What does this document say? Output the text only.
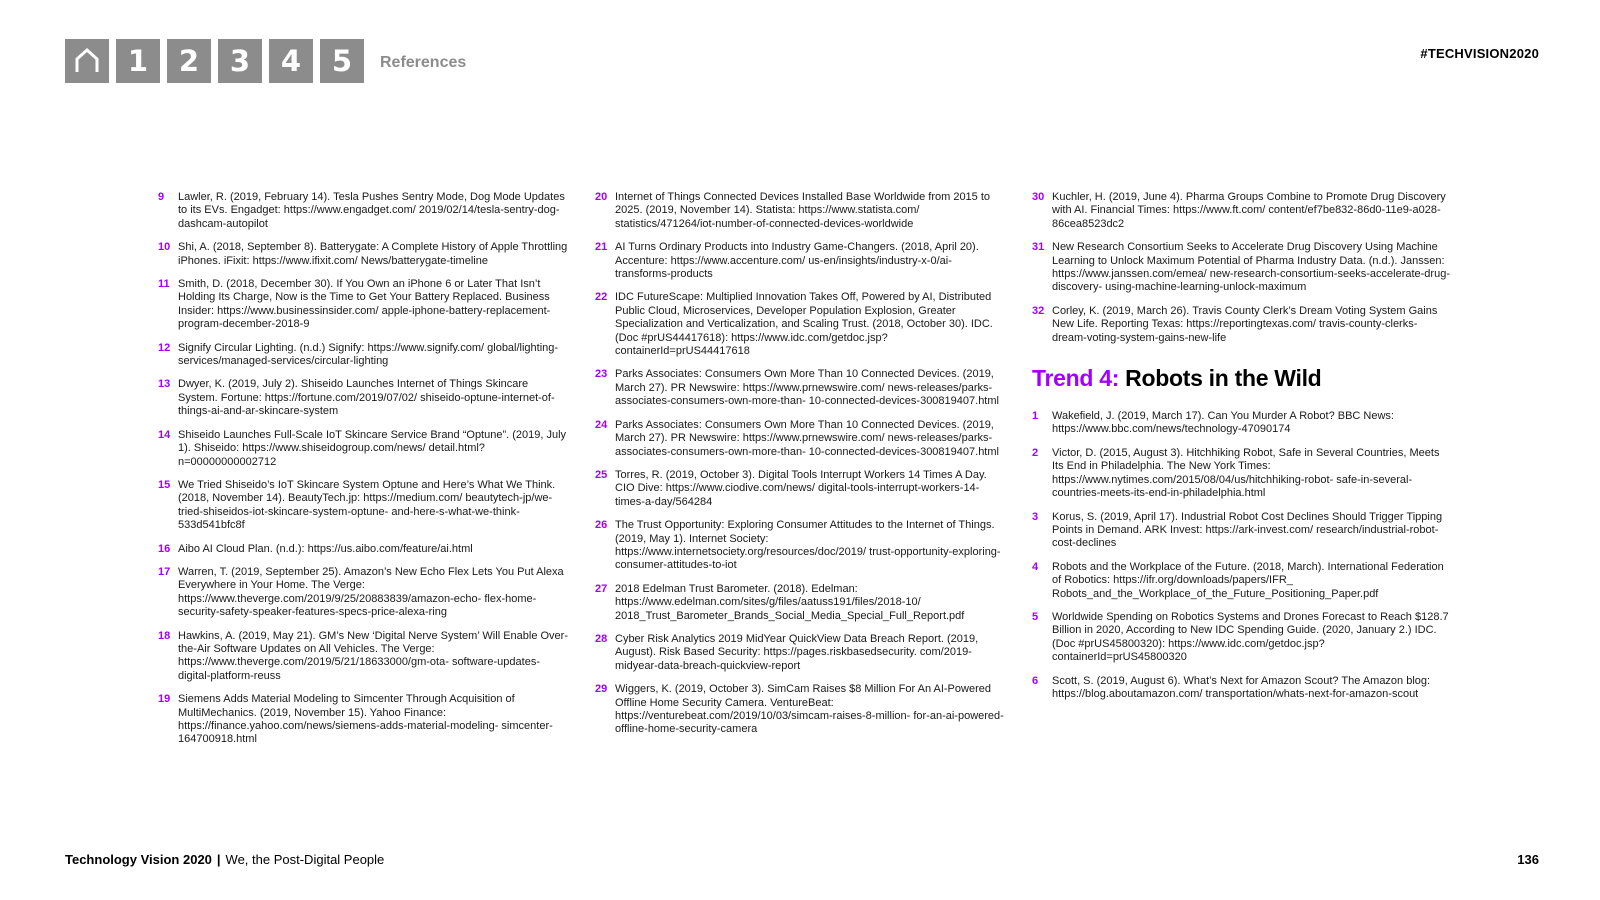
1	2	3	4	5	References
#TECHVISION2020
9	Lawler, R. (2019, February 14). Tesla Pushes Sentry Mode, Dog Mode Updates to its EVs. Engadget: https://www.engadget.com/ 2019/02/14/tesla-sentry-dog-dashcam-autopilot
10 Shi, A. (2018, September 8). Batterygate: A Complete History of Apple Throttling iPhones. iFixit: https://www.ifixit.com/ News/batterygate-timeline
11 Smith, D. (2018, December 30). If You Own an iPhone 6 or Later That Isn’t Holding Its Charge, Now is the Time to Get Your Battery Replaced. Business Insider: https://www.businessinsider.com/ apple-iphone-battery-replacement-program-december-2018-9
12 Signify Circular Lighting. (n.d.) Signify: https://www.signify.com/ global/lighting-services/managed-services/circular-lighting
13 Dwyer, K. (2019, July 2). Shiseido Launches Internet of Things Skincare System. Fortune: https://fortune.com/2019/07/02/ shiseido-optune-internet-of-things-ai-and-ar-skincare-system
14 Shiseido Launches Full-Scale IoT Skincare Service Brand “Optune”. (2019, July 1). Shiseido: https://www.shiseidogroup.com/news/ detail.html?n=00000000002712
15 We Tried Shiseido’s IoT Skincare System Optune and Here’s What We Think. (2018, November 14). BeautyTech.jp: https://medium.com/ beautytech-jp/we-tried-shiseidos-iot-skincare-system-optune- and-here-s-what-we-think-533d541bfc8f
16 Aibo AI Cloud Plan. (n.d.): https://us.aibo.com/feature/ai.html
17 Warren, T. (2019, September 25). Amazon’s New Echo Flex Lets You Put Alexa Everywhere in Your Home. The Verge: https://www.theverge.com/2019/9/25/20883839/amazon-echo- flex-home-security-safety-speaker-features-specs-price-alexa-ring
18 Hawkins, A. (2019, May 21). GM’s New ‘Digital Nerve System’ Will Enable Over-the-Air Software Updates on All Vehicles. The Verge: https://www.theverge.com/2019/5/21/18633000/gm-ota- software-updates-digital-platform-reuss
19 Siemens Adds Material Modeling to Simcenter Through Acquisition of MultiMechanics. (2019, November 15). Yahoo Finance: https://finance.yahoo.com/news/siemens-adds-material-modeling- simcenter-164700918.html
20 Internet of Things Connected Devices Installed Base Worldwide from 2015 to 2025. (2019, November 14). Statista: https://www.statista.com/ statistics/471264/iot-number-of-connected-devices-worldwide
21 AI Turns Ordinary Products into Industry Game-Changers. (2018, April 20). Accenture: https://www.accenture.com/ us-en/insights/industry-x-0/ai-transforms-products
22 IDC FutureScape: Multiplied Innovation Takes Off, Powered by AI, Distributed Public Cloud, Microservices, Developer Population Explosion, Greater Specialization and Verticalization, and Scaling Trust. (2018, October 30). IDC. (Doc #prUS44417618): https://www.idc.com/getdoc.jsp?containerId=prUS44417618
23 Parks Associates: Consumers Own More Than 10 Connected Devices. (2019, March 27). PR Newswire: https://www.prnewswire.com/ news-releases/parks-associates-consumers-own-more-than- 10-connected-devices-300819407.html
24 Parks Associates: Consumers Own More Than 10 Connected Devices. (2019, March 27). PR Newswire: https://www.prnewswire.com/ news-releases/parks-associates-consumers-own-more-than- 10-connected-devices-300819407.html
25 Torres, R. (2019, October 3). Digital Tools Interrupt Workers 14 Times A Day. CIO Dive: https://www.ciodive.com/news/ digital-tools-interrupt-workers-14-times-a-day/564284
26 The Trust Opportunity: Exploring Consumer Attitudes to the Internet of Things. (2019, May 1). Internet Society: https://www.internetsociety.org/resources/doc/2019/ trust-opportunity-exploring-consumer-attitudes-to-iot
27 2018 Edelman Trust Barometer. (2018). Edelman: https://www.edelman.com/sites/g/files/aatuss191/files/2018-10/ 2018_Trust_Barometer_Brands_Social_Media_Special_Full_Report.pdf
28 Cyber Risk Analytics 2019 MidYear QuickView Data Breach Report. (2019, August). Risk Based Security: https://pages.riskbasedsecurity. com/2019-midyear-data-breach-quickview-report
29 Wiggers, K. (2019, October 3). SimCam Raises $8 Million For An AI-Powered Offline Home Security Camera. VentureBeat: https://venturebeat.com/2019/10/03/simcam-raises-8-million- for-an-ai-powered-offline-home-security-camera
30 Kuchler, H. (2019, June 4). Pharma Groups Combine to Promote Drug Discovery with AI. Financial Times: https://www.ft.com/ content/ef7be832-86d0-11e9-a028-86cea8523dc2
31 New Research Consortium Seeks to Accelerate Drug Discovery Using Machine Learning to Unlock Maximum Potential of Pharma Industry Data. (n.d.). Janssen: https://www.janssen.com/emea/ new-research-consortium-seeks-accelerate-drug-discovery- using-machine-learning-unlock-maximum
32 Corley, K. (2019, March 26). Travis County Clerk’s Dream Voting System Gains New Life. Reporting Texas: https://reportingtexas.com/ travis-county-clerks-dream-voting-system-gains-new-life
Trend 4: Robots in the Wild
1	Wakefield, J. (2019, March 17). Can You Murder A Robot? BBC News: https://www.bbc.com/news/technology-47090174
2	Victor, D. (2015, August 3). Hitchhiking Robot, Safe in Several Countries, Meets Its End in Philadelphia. The New York Times: https://www.nytimes.com/2015/08/04/us/hitchhiking-robot- safe-in-several-countries-meets-its-end-in-philadelphia.html
3	Korus, S. (2019, April 17). Industrial Robot Cost Declines Should Trigger Tipping Points in Demand. ARK Invest: https://ark-invest.com/ research/industrial-robot-cost-declines
4	Robots and the Workplace of the Future. (2018, March). International Federation of Robotics: https://ifr.org/downloads/papers/IFR_ Robots_and_the_Workplace_of_the_Future_Positioning_Paper.pdf
5	Worldwide Spending on Robotics Systems and Drones Forecast to Reach $128.7 Billion in 2020, According to New IDC Spending Guide. (2020, January 2.) IDC. (Doc #prUS45800320): https://www.idc.com/getdoc.jsp?containerId=prUS45800320
6	Scott, S. (2019, August 6). What’s Next for Amazon Scout? The Amazon blog: https://blog.aboutamazon.com/ transportation/whats-next-for-amazon-scout
Technology Vision 2020 | We, the Post-Digital People	136
